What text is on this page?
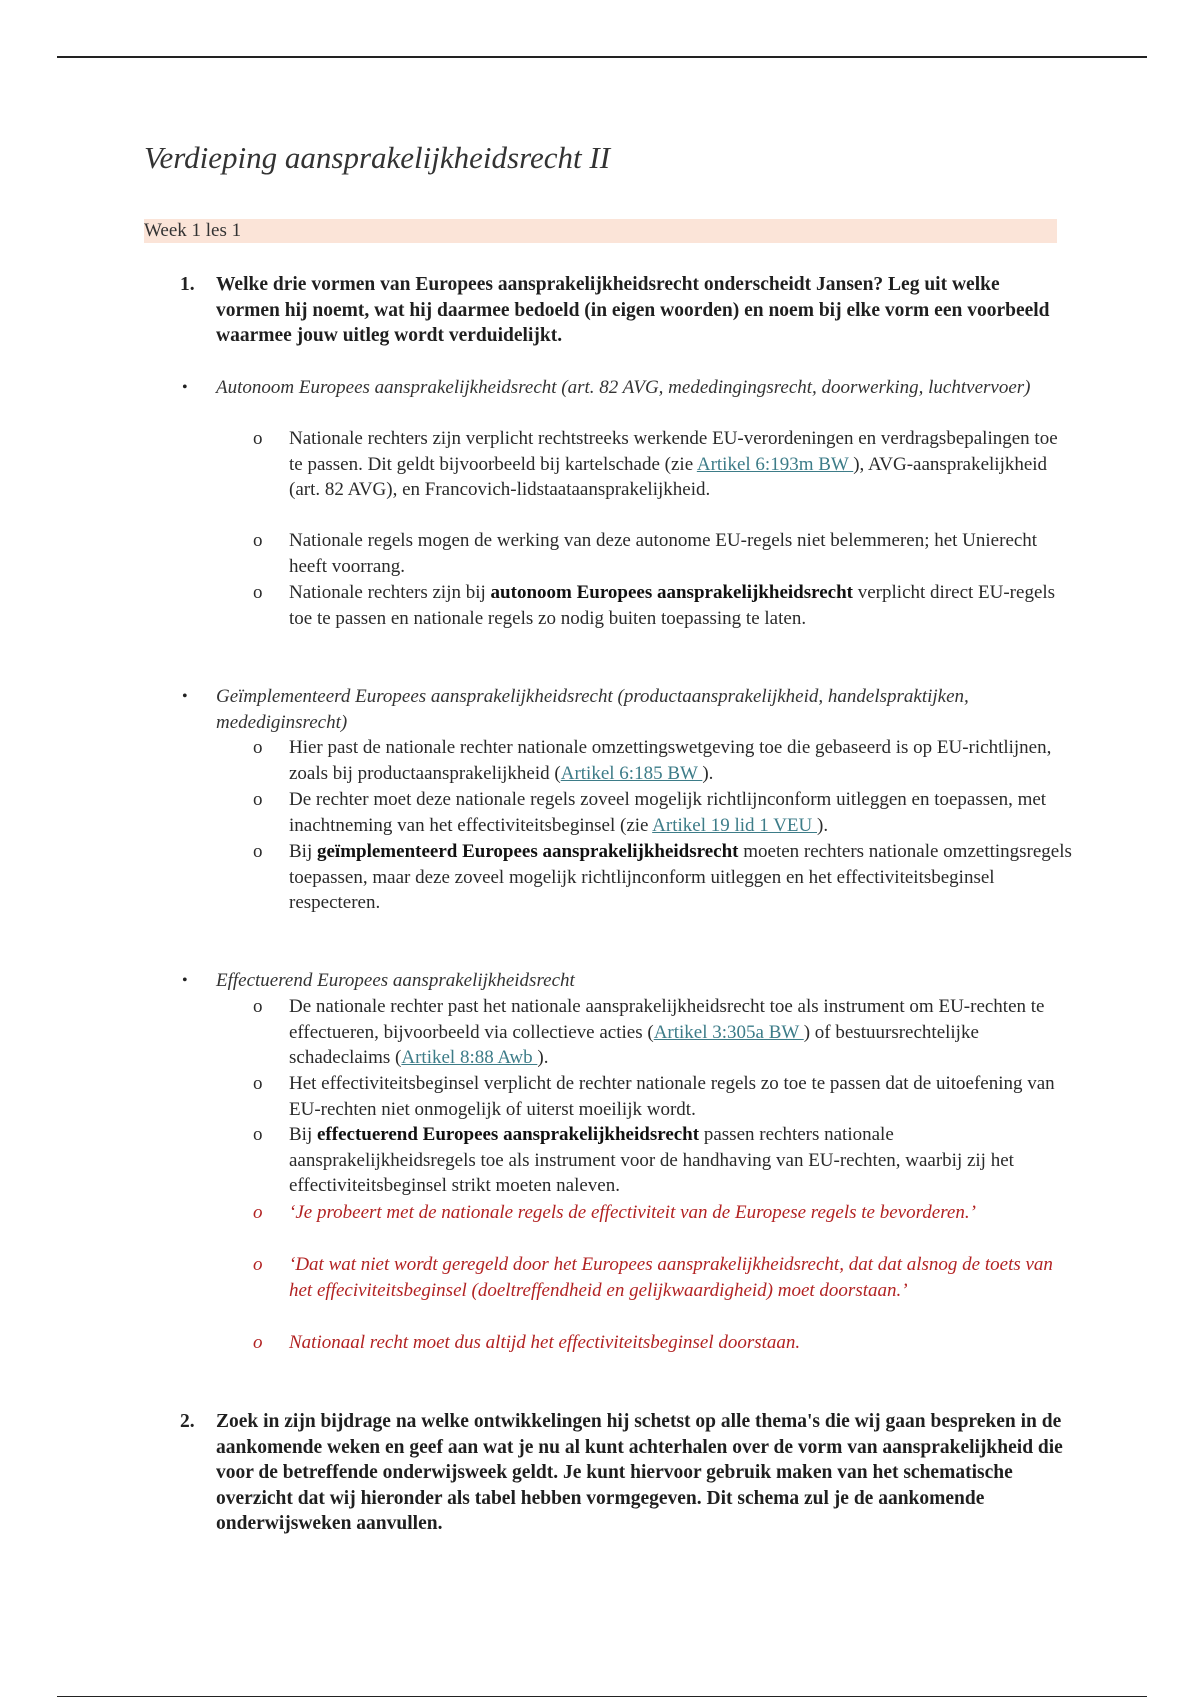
Verdieping aansprakelijkheidsrecht II
Week 1 les 1
1. Welke drie vormen van Europees aansprakelijkheidsrecht onderscheidt Jansen? Leg uit welke vormen hij noemt, wat hij daarmee bedoeld (in eigen woorden) en noem bij elke vorm een voorbeeld waarmee jouw uitleg wordt verduidelijkt.
• Autonoom Europees aansprakelijkheidsrecht (art. 82 AVG, mededingingsrecht, doorwerking, luchtvervoer)
o	Nationale rechters zijn verplicht rechtstreeks werkende EU-verordeningen en verdragsbepalingen toe te passen. Dit geldt bijvoorbeeld bij kartelschade (zie Artikel 6:193m BW ), AVG-aansprakelijkheid (art. 82 AVG), en Francovich-lidstaataansprakelijkheid.
o	Nationale regels mogen de werking van deze autonome EU-regels niet belemmeren; het Unierecht heeft voorrang.
o	Nationale rechters zijn bij autonoom Europees aansprakelijkheidsrecht verplicht direct EU-regels toe te passen en nationale regels zo nodig buiten toepassing te laten.
• Geïmplementeerd Europees aansprakelijkheidsrecht (productaansprakelijkheid, handelspraktijken, medediginsrecht)
o	Hier past de nationale rechter nationale omzettingswetgeving toe die gebaseerd is op EU-richtlijnen, zoals bij productaansprakelijkheid (Artikel 6:185 BW ).
o	De rechter moet deze nationale regels zoveel mogelijk richtlijnconform uitleggen en toepassen, met inachtneming van het effectiviteitsbeginsel (zie Artikel 19 lid 1 VEU ).
o	Bij geïmplementeerd Europees aansprakelijkheidsrecht moeten rechters nationale omzettingsregels toepassen, maar deze zoveel mogelijk richtlijnconform uitleggen en het effectiviteitsbeginsel respecteren.
• Effectuerend Europees aansprakelijkheidsrecht
o	De nationale rechter past het nationale aansprakelijkheidsrecht toe als instrument om EU-rechten te effectueren, bijvoorbeeld via collectieve acties (Artikel 3:305a BW ) of bestuursrechtelijke schadeclaims (Artikel 8:88 Awb ).
o	Het effectiviteitsbeginsel verplicht de rechter nationale regels zo toe te passen dat de uitoefening van EU-rechten niet onmogelijk of uiterst moeilijk wordt.
o	Bij effectuerend Europees aansprakelijkheidsrecht passen rechters nationale aansprakelijkheidsregels toe als instrument voor de handhaving van EU-rechten, waarbij zij het effectiviteitsbeginsel strikt moeten naleven.
o	‘Je probeert met de nationale regels de effectiviteit van de Europese regels te bevorderen.’
o	‘Dat wat niet wordt geregeld door het Europees aansprakelijkheidsrecht, dat dat alsnog de toets van het effeciviteitsbeginsel (doeltreffendheid en gelijkwaardigheid) moet doorstaan.’
o	Nationaal recht moet dus altijd het effectiviteitsbeginsel doorstaan.
2. Zoek in zijn bijdrage na welke ontwikkelingen hij schetst op alle thema's die wij gaan bespreken in de aankomende weken en geef aan wat je nu al kunt achterhalen over de vorm van aansprakelijkheid die voor de betreffende onderwijsweek geldt. Je kunt hiervoor gebruik maken van het schematische overzicht dat wij hieronder als tabel hebben vormgegeven. Dit schema zul je de aankomende onderwijsweken aanvullen.
